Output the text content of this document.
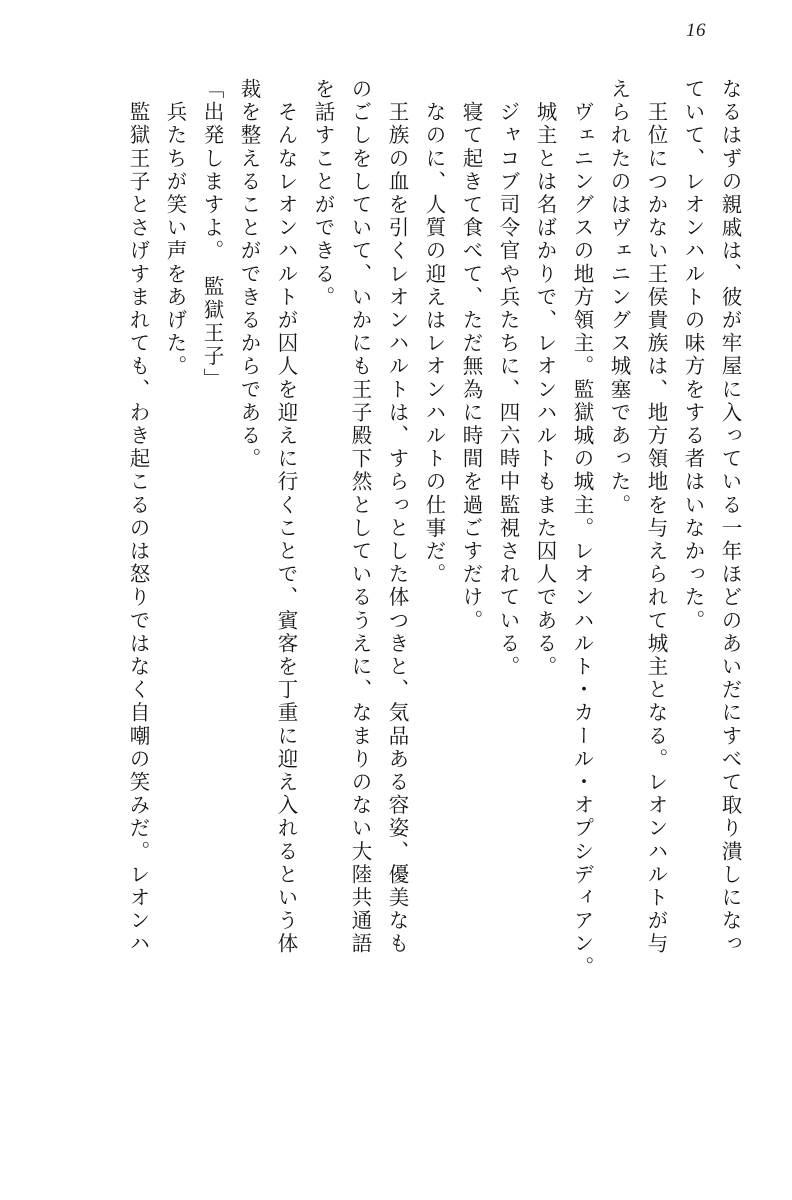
16
なるはずの親戚は、彼が牢屋に入っている一年ほどのあいだにすべて取り潰しになっ
ていて、レオンハルトの味方をする者はいなかった。
　王位につかない王侯貴族は、地方領地を与えられて城主となる。レオンハルトが与
えられたのはヴェニングス城塞であった。
　ヴェニングスの地方領主。監獄城の城主。レオンハルト・カール・オプシディアン。
　城主とは名ばかりで、レオンハルトもまた囚人である。
　ジャコブ司令官や兵たちに、四六時中監視されている。
　寝て起きて食べて、ただ無為に時間を過ごすだけ。
　なのに、人質の迎えはレオンハルトの仕事だ。
　王族の血を引くレオンハルトは、すらっとした体つきと、気品ある容姿、優美なも
のごしをしていて、いかにも王子殿下然としているうえに、なまりのない大陸共通語
を話すことができる。
　そんなレオンハルトが囚人を迎えに行くことで、賓客を丁重に迎え入れるという体
裁を整えることができるからである。
「出発しますよ。　監獄王子」
　兵たちが笑い声をあげた。
　監獄王子とさげすまれても、わき起こるのは怒りではなく自嘲の笑みだ。レオンハ
